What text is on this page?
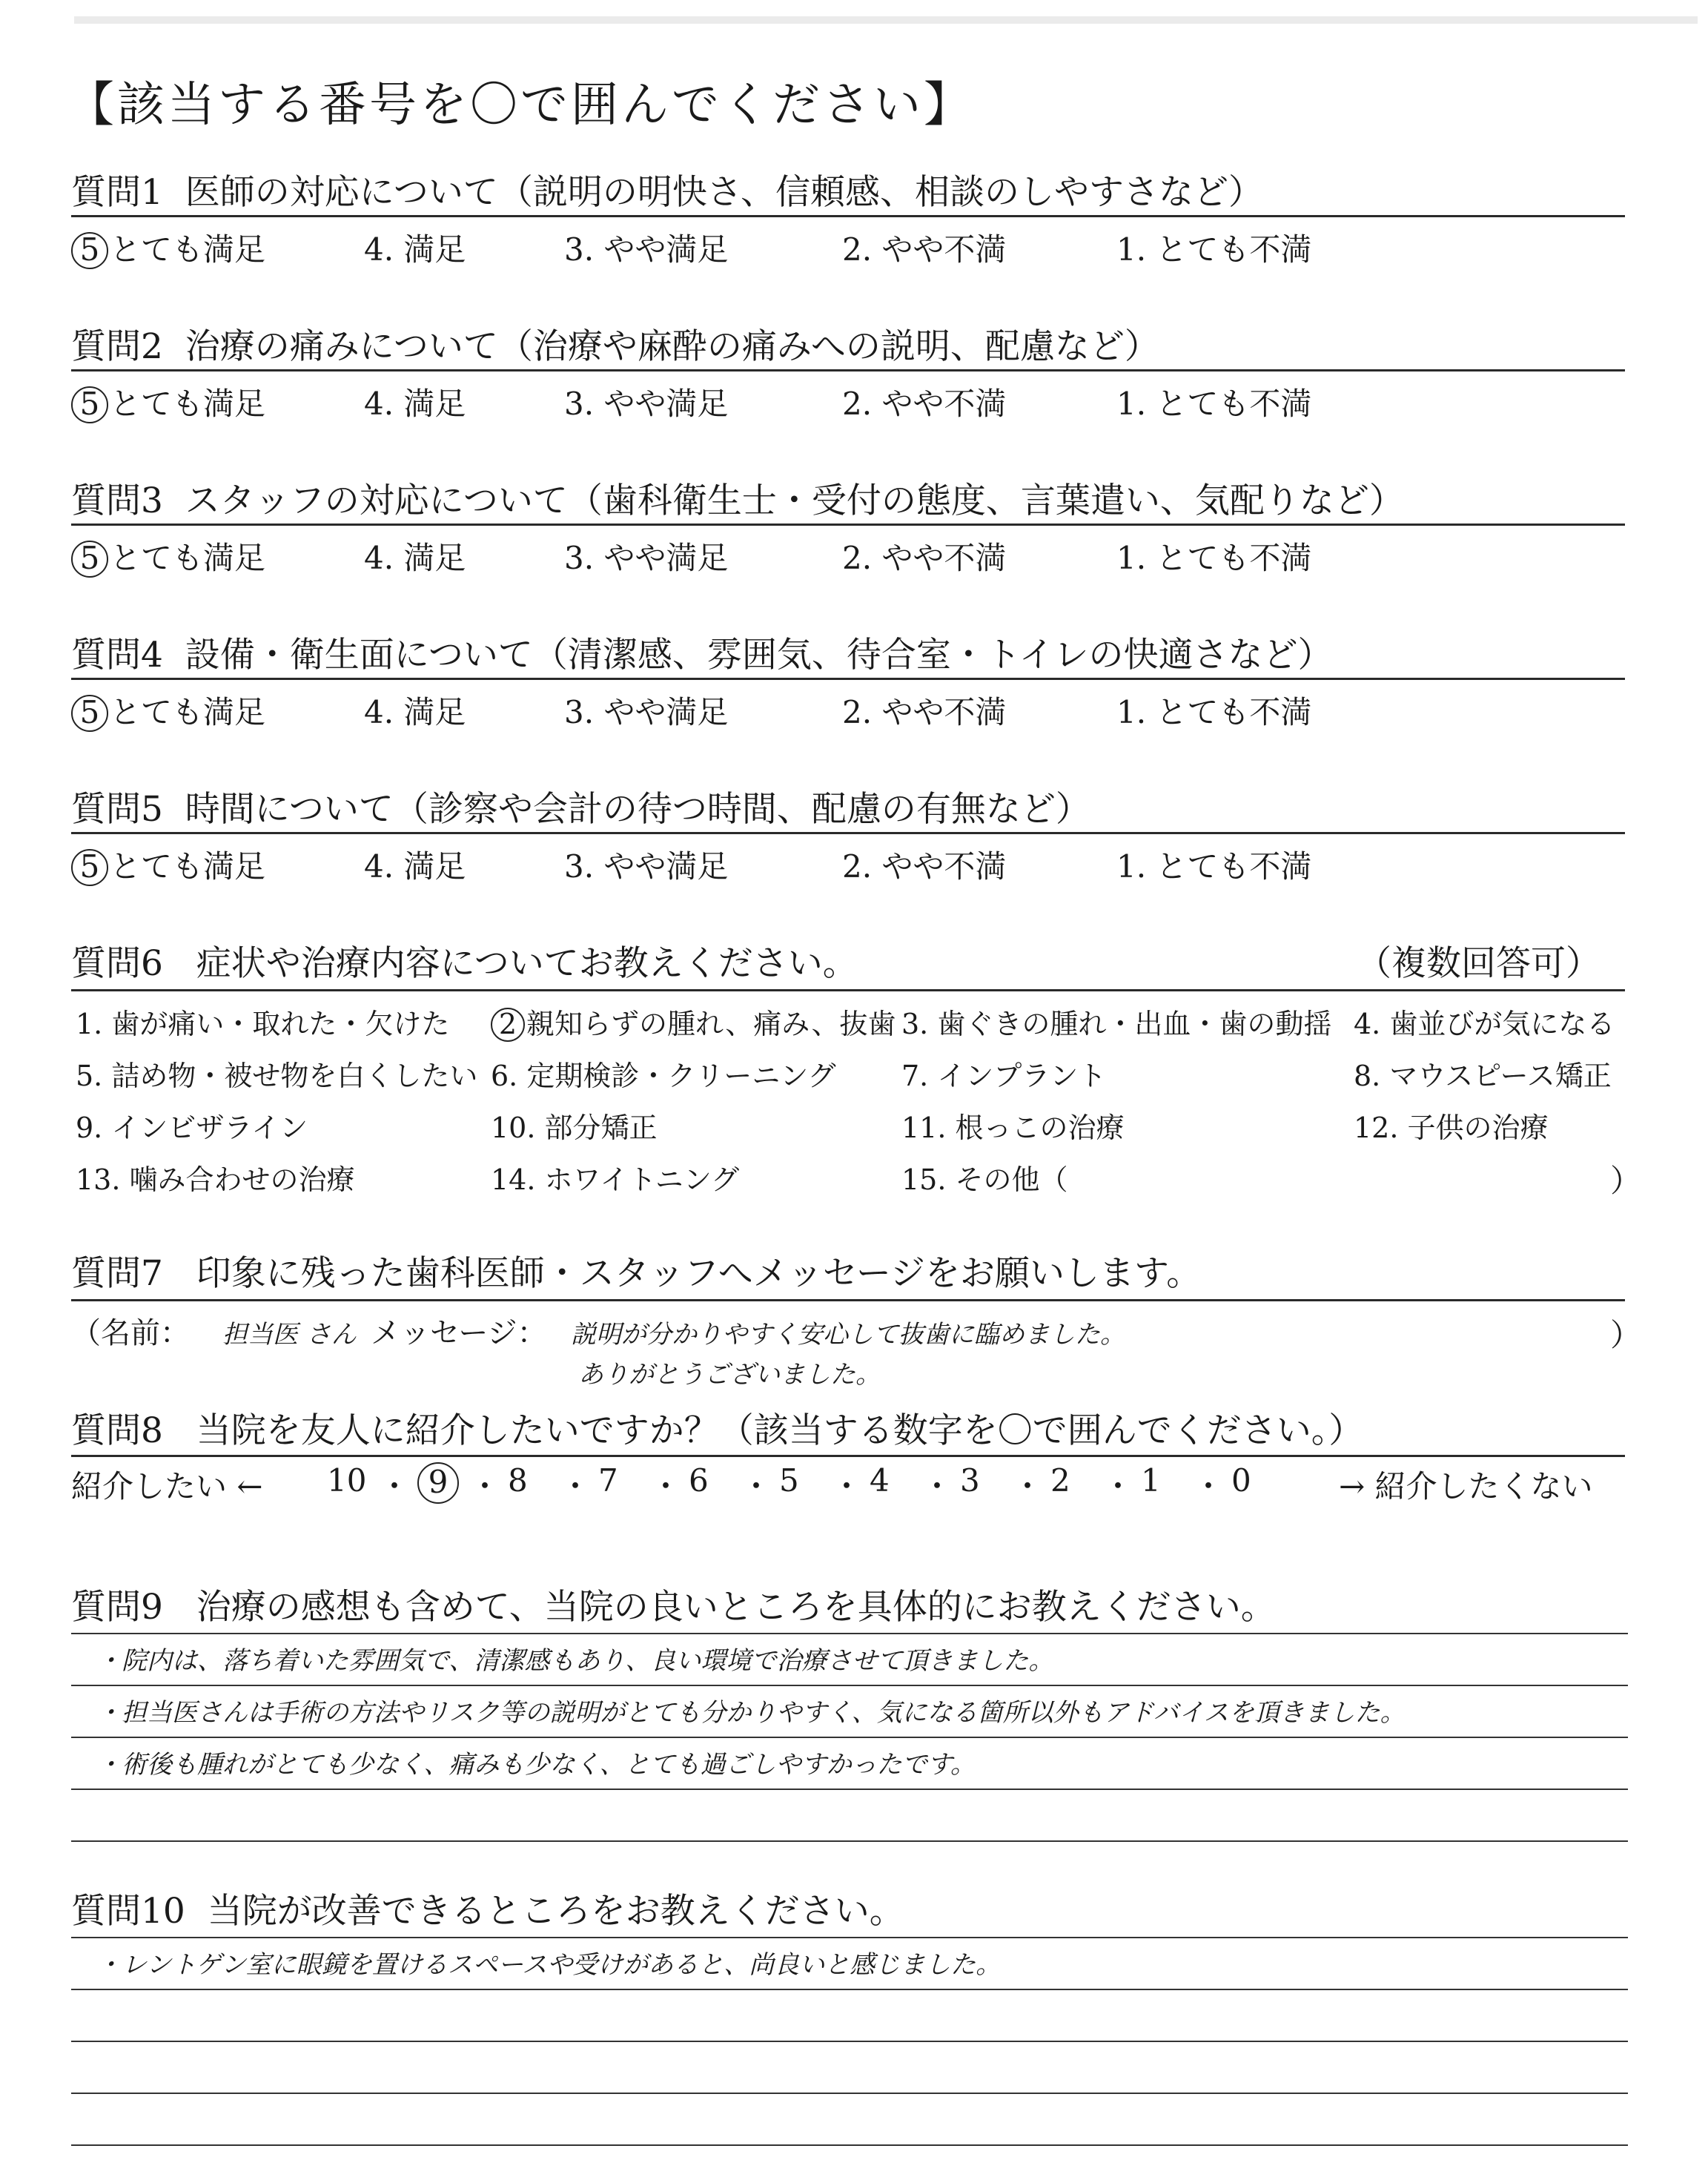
【該当する番号を〇で囲んでください】
質問1 医師の対応について（説明の明快さ、信頼感、相談のしやすさなど）
5 とても満足	4. 満足	3. やや満足	2. やや不満	1. とても不満
質問2 治療の痛みについて（治療や麻酔の痛みへの説明、配慮など）
5 とても満足	4. 満足	3. やや満足	2. やや不満	1. とても不満
質問3 スタッフの対応について（歯科衛生士・受付の態度、言葉遣い、気配りなど）
5 とても満足	4. 満足	3. やや満足	2. やや不満	1. とても不満
質問4 設備・衛生面について（清潔感、雰囲気、待合室・トイレの快適さなど）
5 とても満足	4. 満足	3. やや満足	2. やや不満	1. とても不満
質問5 時間について（診察や会計の待つ時間、配慮の有無など）
5 とても満足	4. 満足	3. やや満足	2. やや不満	1. とても不満
質問6 症状や治療内容についてお教えください。	（複数回答可）
1. 歯が痛い・取れた・欠けた 2 親知らずの腫れ、痛み、抜歯 3. 歯ぐきの腫れ・出血・歯の動揺 4. 歯並びが気になる
5. 詰め物・被せ物を白くしたい 6. 定期検診・クリーニング 7. インプラント	8. マウスピース矯正
9. インビザライン	10. 部分矯正	11. 根っこの治療	12. 子供の治療
13. 噛み合わせの治療	14. ホワイトニング	15. その他（	）
質問7 印象に残った歯科医師・スタッフへメッセージをお願いします。
（名前： 担当医 さん メッセージ： 説明が分かりやすく安心して抜歯に臨めました。
ありがとうございました。
）
質問8 当院を友人に紹介したいですか？（該当する数字を〇で囲んでください。）
紹介したい ← 10 ・ 9 ・ 8 ・ 7 ・ 6 ・ 5 ・ 4 ・ 3 ・ 2 ・ 1 ・ 0	→ 紹介したくない
質問9 治療の感想も含めて、当院の良いところを具体的にお教えください。
・院内は、落ち着いた雰囲気で、清潔感もあり、良い環境で治療させて頂きました。
・担当医さんは手術の方法やリスク等の説明がとても分かりやすく、気になる箇所以外もアドバイスを頂きました。
・術後も腫れがとても少なく、痛みも少なく、とても過ごしやすかったです。
質問10 当院が改善できるところをお教えください。
・レントゲン室に眼鏡を置けるスペースや受けがあると、尚良いと感じました。
